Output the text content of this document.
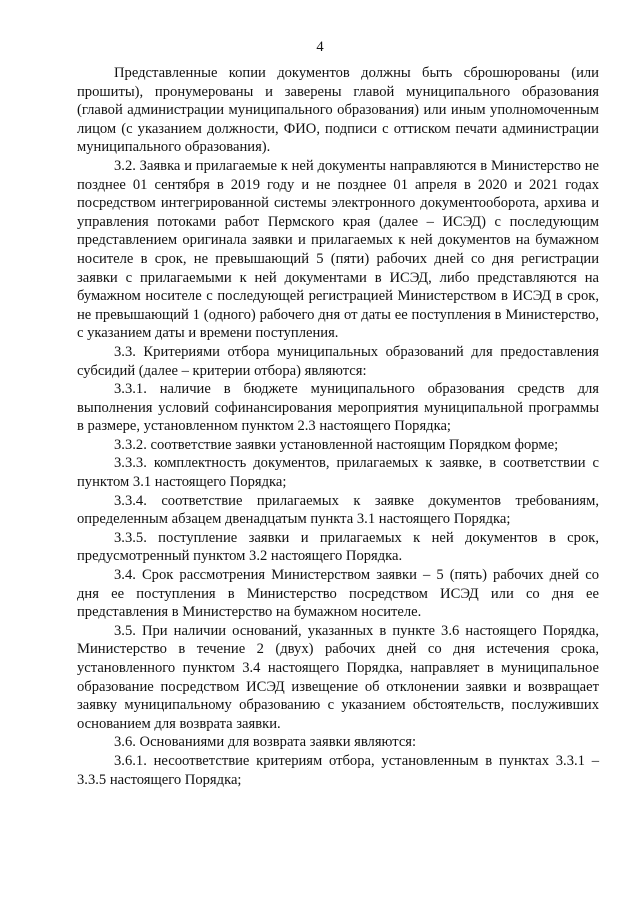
4

Представленные копии документов должны быть сброшюрованы (или прошиты), пронумерованы и заверены главой муниципального образования (главой администрации муниципального образования) или иным уполномоченным лицом (с указанием должности, ФИО, подписи с оттиском печати администрации муниципального образования).

3.2. Заявка и прилагаемые к ней документы направляются в Министерство не позднее 01 сентября в 2019 году и не позднее 01 апреля в 2020 и 2021 годах посредством интегрированной системы электронного документооборота, архива и управления потоками работ Пермского края (далее – ИСЭД) с последующим представлением оригинала заявки и прилагаемых к ней документов на бумажном носителе в срок, не превышающий 5 (пяти) рабочих дней со дня регистрации заявки с прилагаемыми к ней документами в ИСЭД, либо представляются на бумажном носителе с последующей регистрацией Министерством в ИСЭД в срок, не превышающий 1 (одного) рабочего дня от даты ее поступления в Министерство, с указанием даты и времени поступления.

3.3. Критериями отбора муниципальных образований для предоставления субсидий (далее – критерии отбора) являются:

3.3.1. наличие в бюджете муниципального образования средств для выполнения условий софинансирования мероприятия муниципальной программы в размере, установленном пунктом 2.3 настоящего Порядка;

3.3.2. соответствие заявки установленной настоящим Порядком форме;

3.3.3. комплектность документов, прилагаемых к заявке, в соответствии с пунктом 3.1 настоящего Порядка;

3.3.4. соответствие прилагаемых к заявке документов требованиям, определенным абзацем двенадцатым пункта 3.1 настоящего Порядка;

3.3.5. поступление заявки и прилагаемых к ней документов в срок, предусмотренный пунктом 3.2 настоящего Порядка.

3.4. Срок рассмотрения Министерством заявки – 5 (пять) рабочих дней со дня ее поступления в Министерство посредством ИСЭД или со дня ее представления в Министерство на бумажном носителе.

3.5. При наличии оснований, указанных в пункте 3.6 настоящего Порядка, Министерство в течение 2 (двух) рабочих дней со дня истечения срока, установленного пунктом 3.4 настоящего Порядка, направляет в муниципальное образование посредством ИСЭД извещение об отклонении заявки и возвращает заявку муниципальному образованию с указанием обстоятельств, послуживших основанием для возврата заявки.

3.6. Основаниями для возврата заявки являются:

3.6.1. несоответствие критериям отбора, установленным в пунктах 3.3.1 – 3.3.5 настоящего Порядка;
